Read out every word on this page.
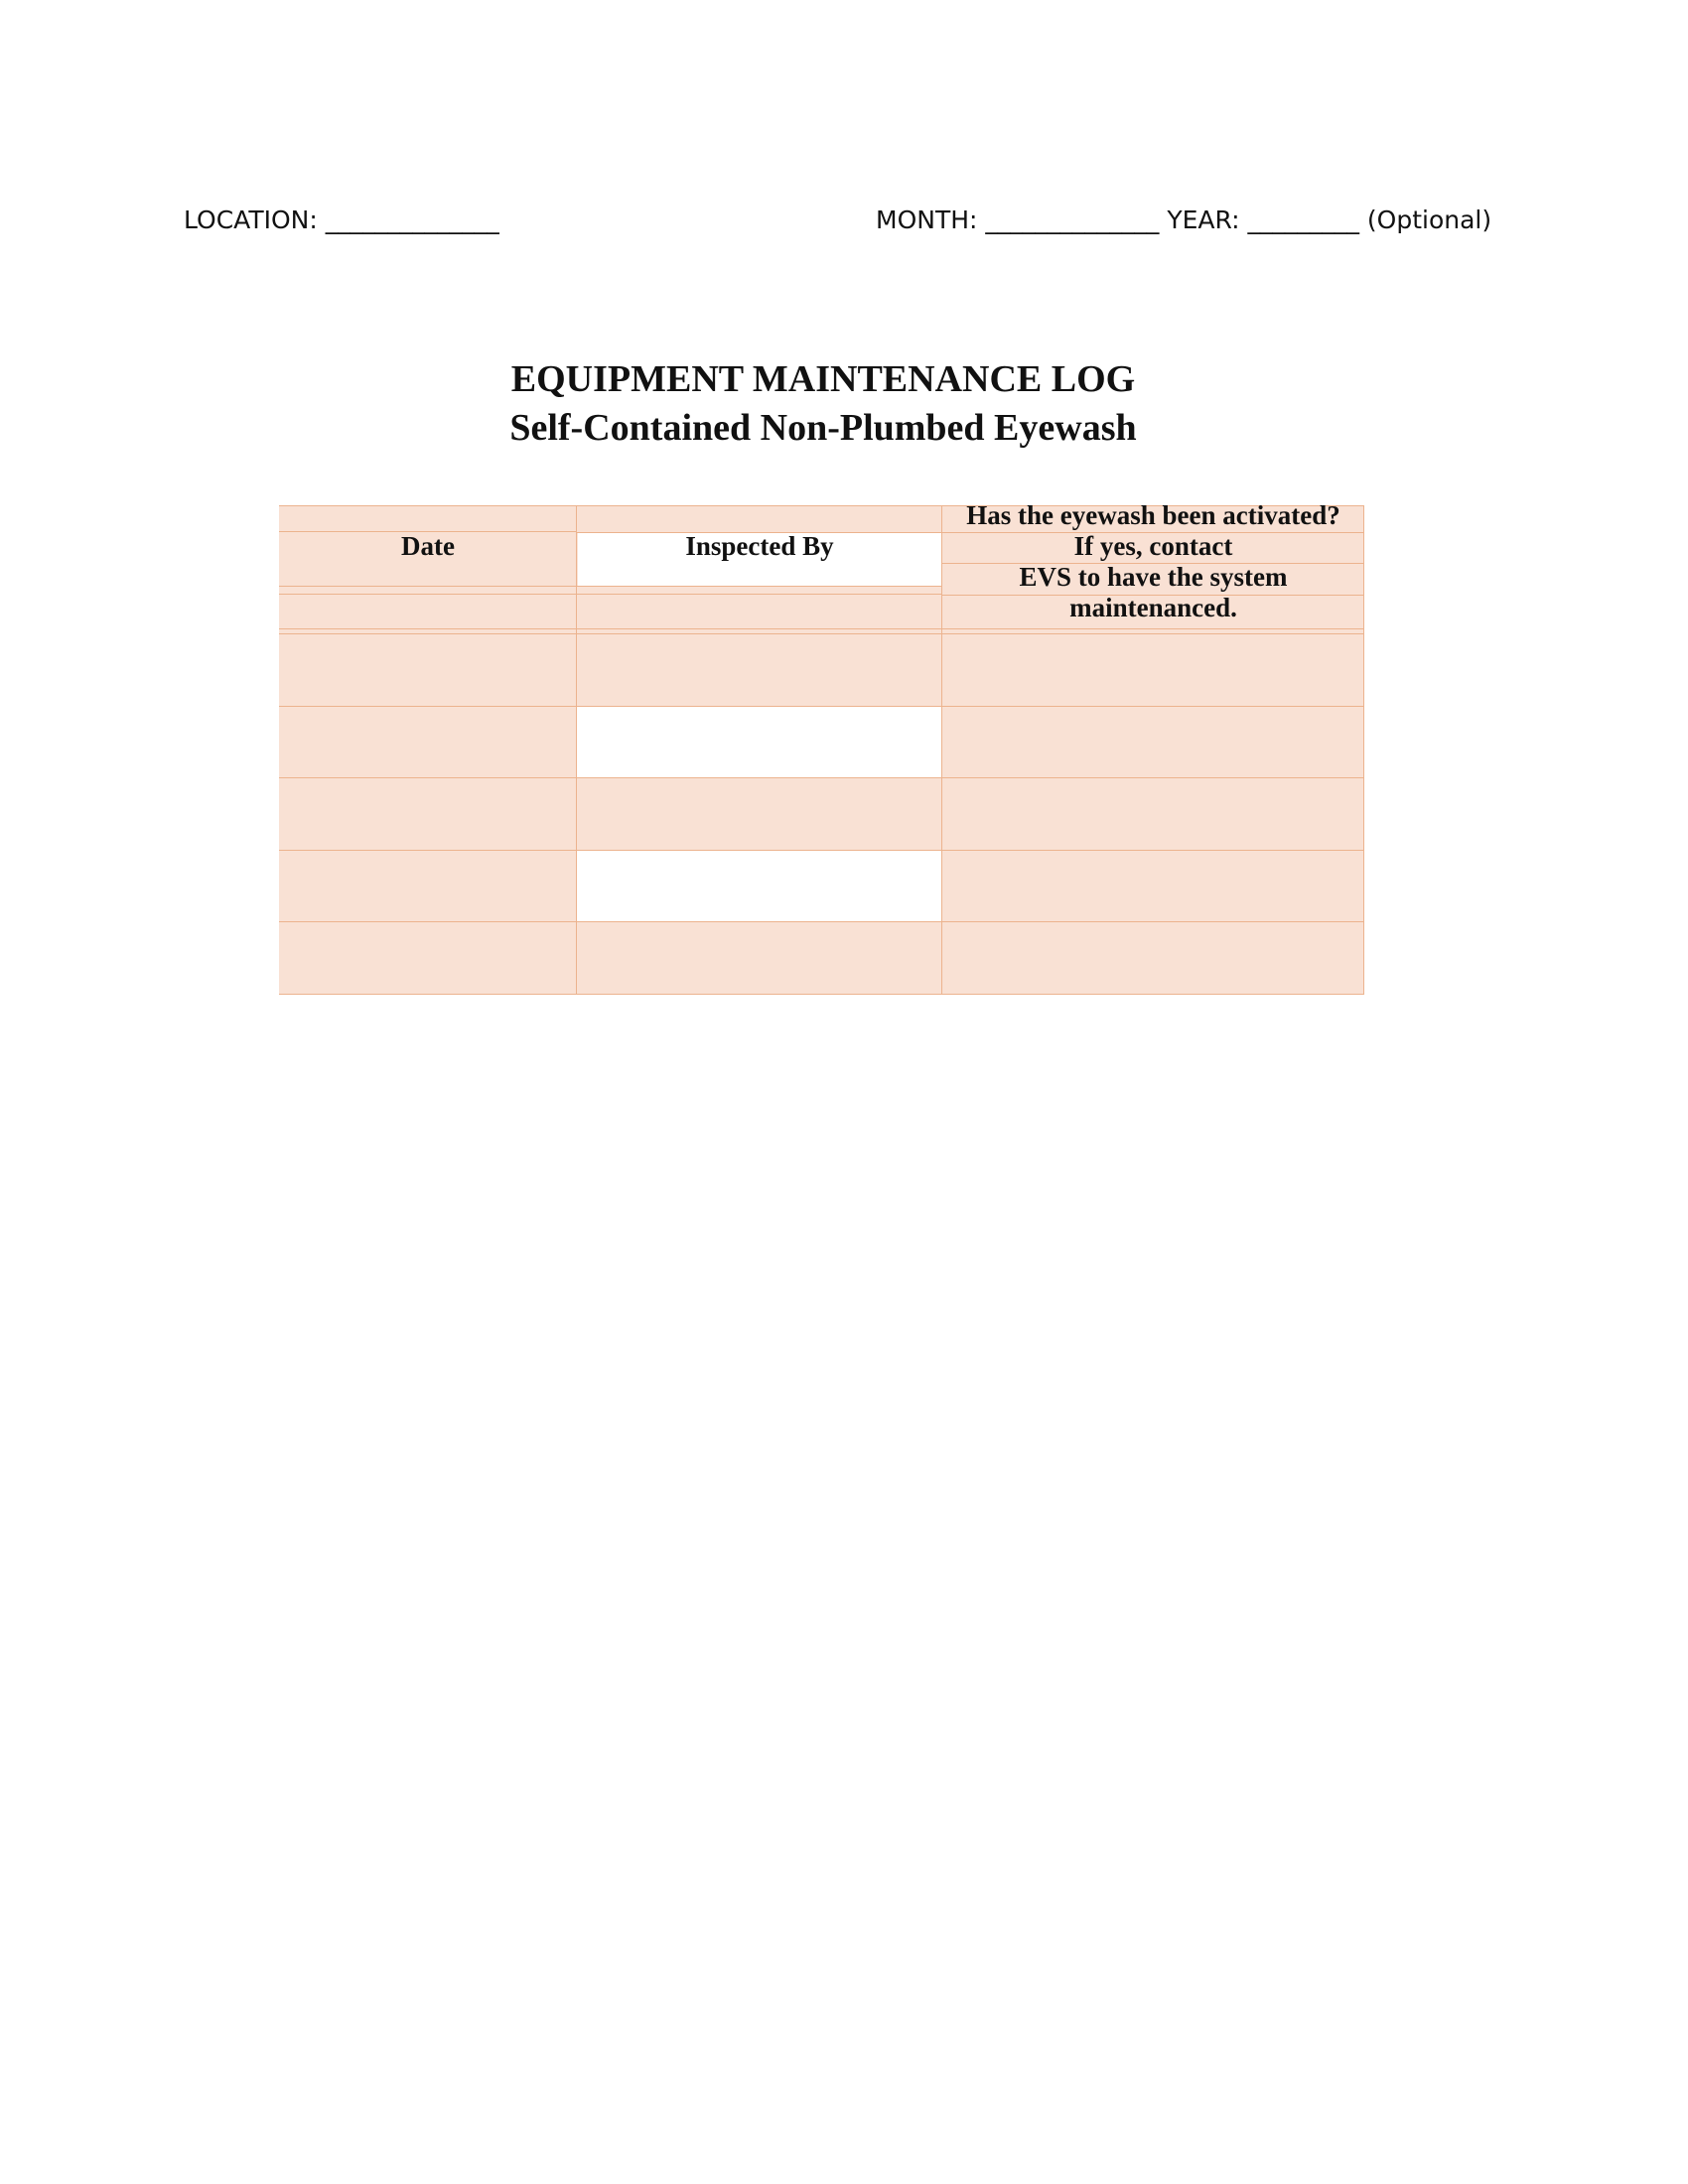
LOCATION: ______________	MONTH: ______________ YEAR: _________ (Optional)
EQUIPMENT MAINTENANCE LOG
Self-Contained Non-Plumbed Eyewash
Date	Inspected By
Has the eyewash been activated?
If yes, contact
EVS to have the system
maintenanced.
